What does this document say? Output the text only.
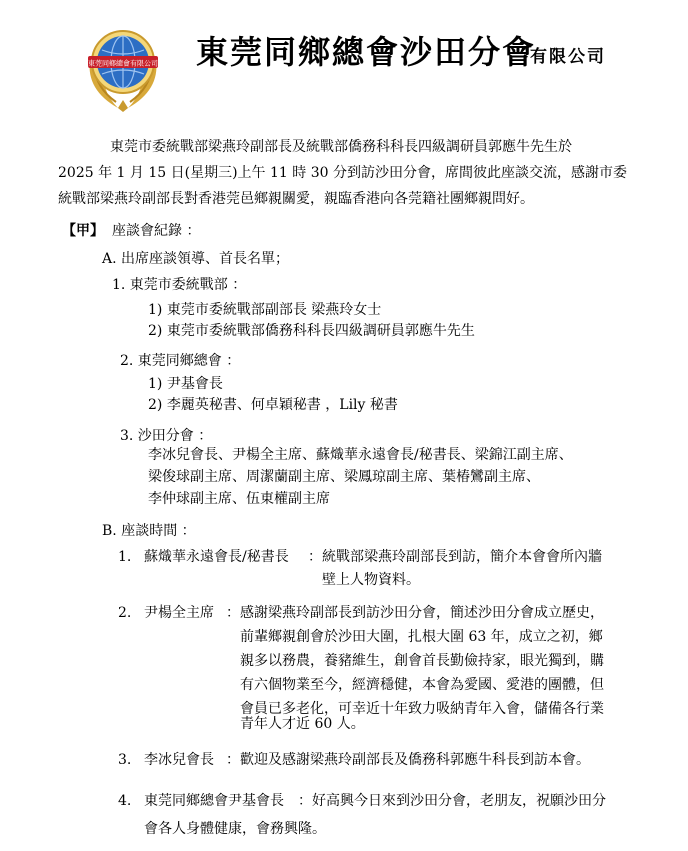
東莞同鄉總會有限公司 東莞同鄉總會沙田分會
有限公司
東莞市委統戰部梁燕玲副部長及統戰部僑務科科長四級調研員郭應牛先生於
2025 年 1 月 15 日(星期三)上午 11 時 30 分到訪沙田分會，席間彼此座談交流，感謝市委
統戰部梁燕玲副部長對香港莞邑鄉親關愛，親臨香港向各莞籍社團鄉親問好。
【甲】 座談會紀錄 ：
A. 出席座談領導、首長名單；
1. 東莞市委統戰部 ：
1) 東莞市委統戰部副部長 梁燕玲女士
2) 東莞市委統戰部僑務科科長四級調研員郭應牛先生
2. 東莞同鄉總會 ：
1) 尹基會長
2) 李麗英秘書、何卓穎秘書 ，Lily 秘書
3. 沙田分會 ：
李冰兒會長、尹楊全主席、蘇熾華永遠會長/秘書長、梁錦江副主席、
梁俊球副主席、周潔蘭副主席、梁鳳琼副主席、葉椿鸞副主席、
李仲球副主席、伍東權副主席
B. 座談時間 ：
1. 蘇熾華永遠會長/秘書長 ：統戰部梁燕玲副部長到訪，簡介本會會所內牆
壁上人物資料。
2. 尹楊全主席 ：感謝梁燕玲副部長到訪沙田分會，簡述沙田分會成立歷史，
前輩鄉親創會於沙田大圍，扎根大圍 63 年，成立之初，鄉
親多以務農，養豬維生，創會首長勤儉持家，眼光獨到，購
有六個物業至今，經濟穩健，本會為愛國、愛港的團體，但
會員已多老化，可幸近十年致力吸納青年入會，儲備各行業
青年人才近 60 人。
3. 李冰兒會長 ：歡迎及感謝梁燕玲副部長及僑務科郭應牛科長到訪本會。
4. 東莞同鄉總會尹基會長 ：好高興今日來到沙田分會，老朋友，祝願沙田分
會各人身體健康，會務興隆。
